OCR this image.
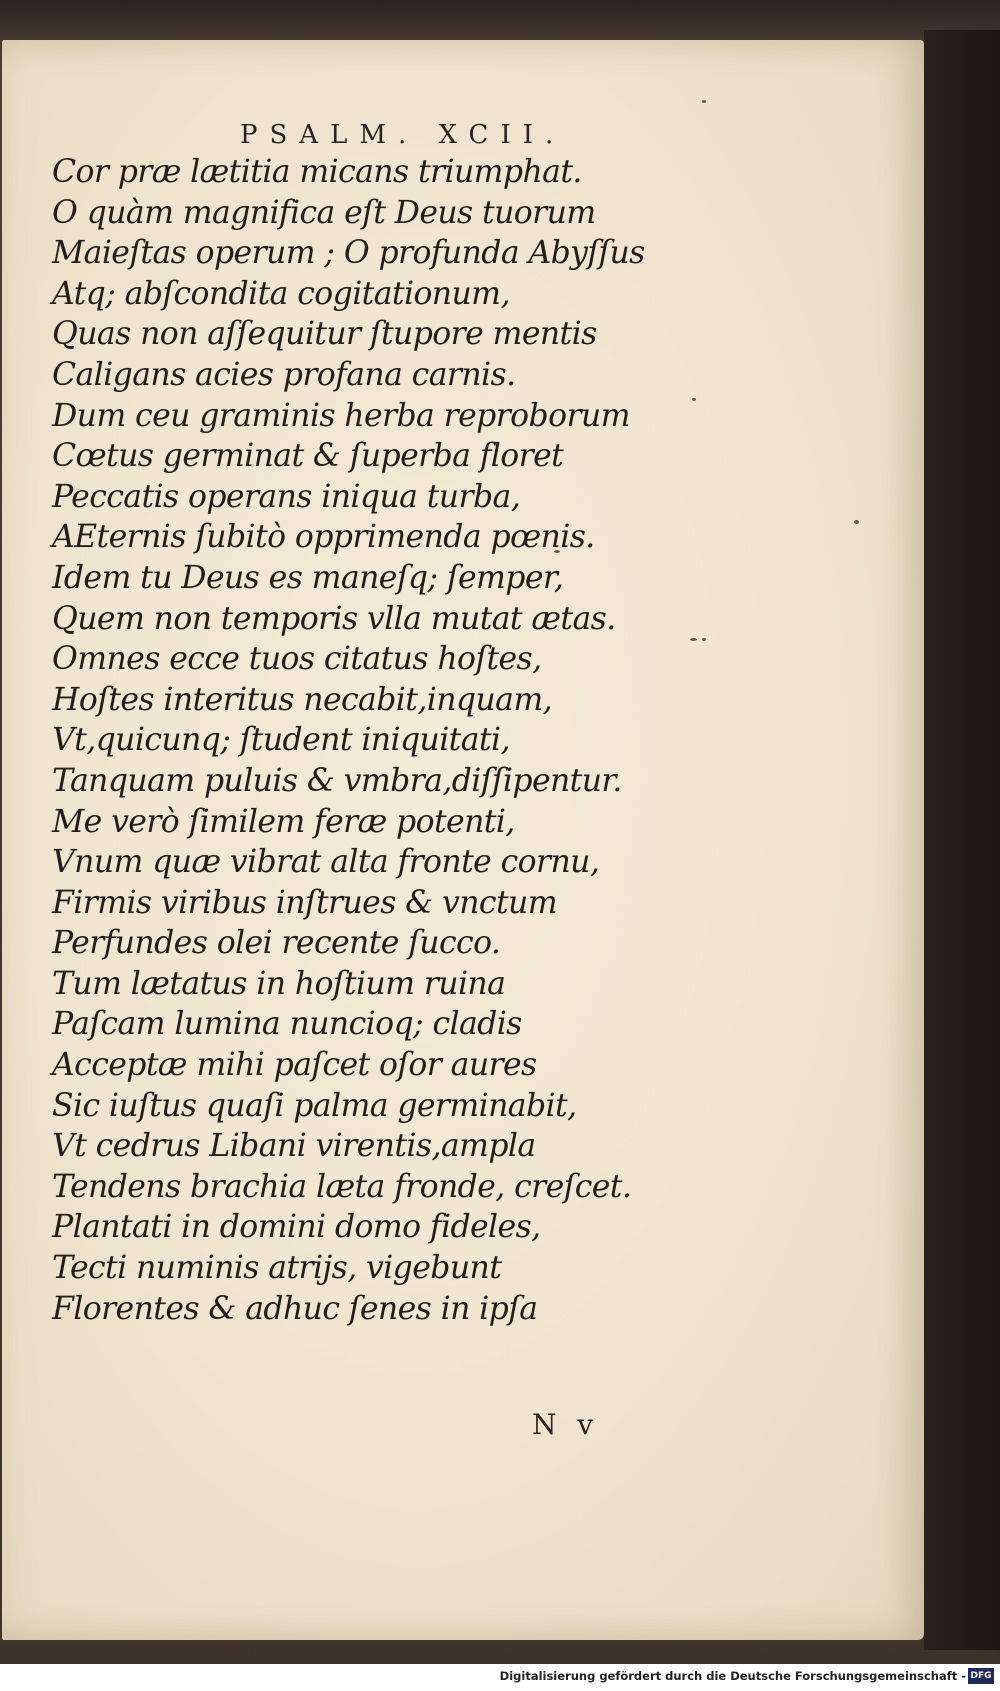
PSALM. XCII.
Cor præ lætitia micans triumphat.
O quàm magnifica eſt Deus tuorum
Maieſtas operum ; O profunda Abyſſus
Atq; abſcondita cogitationum,
Quas non aſſequitur ſtupore mentis
Caligans acies profana carnis.
Dum ceu graminis herba reproborum
Cœtus germinat & ſuperba floret
Peccatis operans iniqua turba,
AEternis ſubitò opprimenda pœnis.
Idem tu Deus es maneſq; ſemper,
Quem non temporis vlla mutat ætas.
Omnes ecce tuos citatus hoſtes,
Hoſtes interitus necabit,inquam,
Vt,quicunq; ſtudent iniquitati,
Tanquam puluis & vmbra,diſſipentur.
Me verò ſimilem feræ potenti,
Vnum quæ vibrat alta fronte cornu,
Firmis viribus inſtrues & vnctum
Perfundes olei recente ſucco.
Tum lætatus in hoſtium ruina
Paſcam lumina nuncioq; cladis
Acceptæ mihi paſcet oſor aures
Sic iuſtus quaſi palma germinabit,
Vt cedrus Libani virentis,ampla
Tendens brachia læta fronde, creſcet.
Plantati in domini domo fideles,
Tecti numinis atrijs, vigebunt
Florentes & adhuc ſenes in ipſa
N v
Digitalisierung gefördert durch die Deutsche Forschungsgemeinschaft - DFG
